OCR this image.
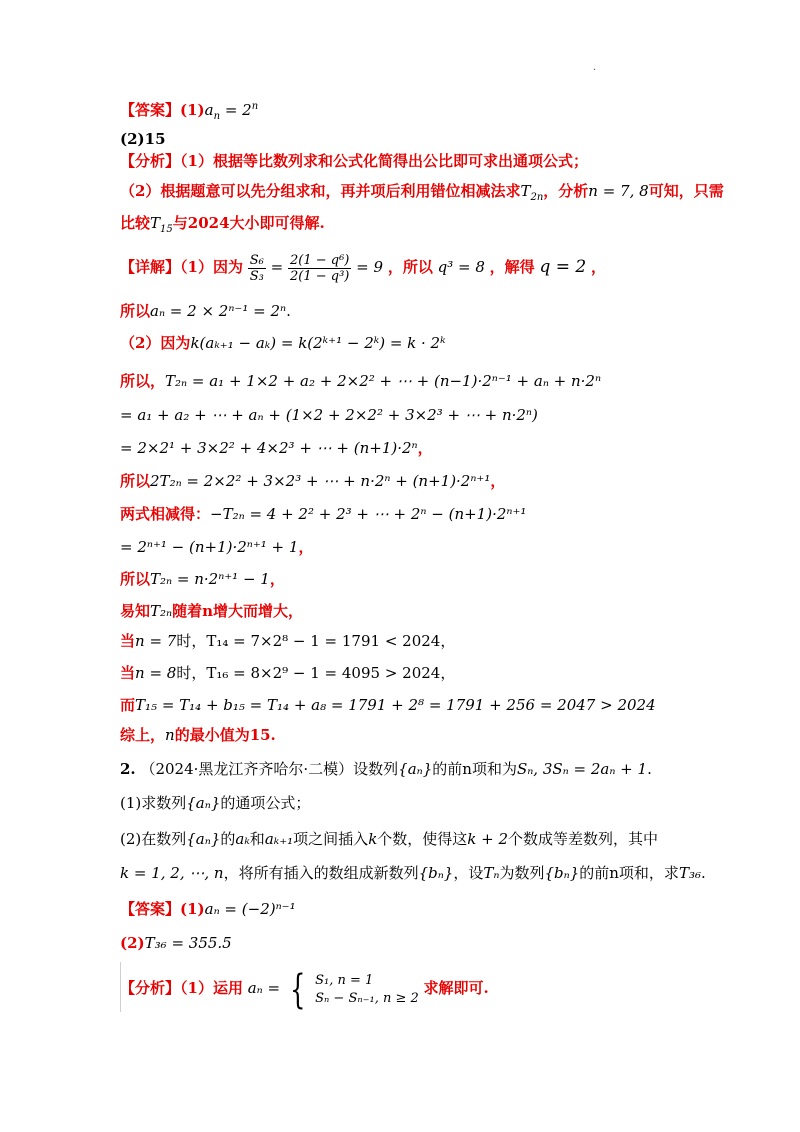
.
【答案】$(1)a_n = 2^n$
(2)15
【分析】（1）根据等比数列求和公式化简得出公比即可求出通项公式；
（2）根据题意可以先分组求和，再并项后利用错位相减法求$T_{2n}$，分析n = 7, 8可知，只需
比较$T_{15}$与2024大小即可得解.
【详解】（1）因为 $\frac{\text{S₆}}{\text{S₃}} = \frac{\text{2(1 − q⁶)}}{\text{2(1 − q³)}} = 9$ ，所以 q³ = 8 ，解得 q = 2 ，
所以aₙ = 2 × 2ⁿ⁻¹ = 2ⁿ.
（2）因为k(aₖ₊₁ − aₖ) = k(2ᵏ⁺¹ − 2ᵏ) = k · 2ᵏ
所以，T₂ₙ = a₁ + 1×2 + a₂ + 2×2² + ⋯ + (n−1)·2ⁿ⁻¹ + aₙ + n·2ⁿ
= a₁ + a₂ + ⋯ + aₙ + (1×2 + 2×2² + 3×2³ + ⋯ + n·2ⁿ)
= 2×2¹ + 3×2² + 4×2³ + ⋯ + (n+1)·2ⁿ，
所以2T₂ₙ = 2×2² + 3×2³ + ⋯ + n·2ⁿ + (n+1)·2ⁿ⁺¹，
两式相减得：−T₂ₙ = 4 + 2² + 2³ + ⋯ + 2ⁿ − (n+1)·2ⁿ⁺¹
= 2ⁿ⁺¹ − (n+1)·2ⁿ⁺¹ + 1，
所以T₂ₙ = n·2ⁿ⁺¹ − 1，
易知T₂ₙ随着n增大而增大，
当n = 7时，T₁₄ = 7×2⁸ − 1 = 1791 < 2024，
当n = 8时，T₁₆ = 8×2⁹ − 1 = 4095 > 2024，
而T₁₅ = T₁₄ + b₁₅ = T₁₄ + a₈ = 1791 + 2⁸ = 1791 + 256 = 2047 > 2024
综上，n的最小值为15.
2. （2024·黑龙江齐齐哈尔·二模）设数列{aₙ}的前n项和为Sₙ, 3Sₙ = 2aₙ + 1.
(1)求数列{aₙ}的通项公式；
(2)在数列{aₙ}的aₖ和aₖ₊₁项之间插入k个数，使得这k + 2个数成等差数列，其中
k = 1, 2, ⋯, n，将所有插入的数组成新数列{bₙ}，设Tₙ为数列{bₙ}的前n项和，求T₃₆.
【答案】(1)aₙ = (−2)ⁿ⁻¹
(2)T₃₆ = 355.5
【分析】（1）运用 aₙ = { S₁, n = 1
Sₙ − Sₙ₋₁, n ≥ 2
求解即可.
